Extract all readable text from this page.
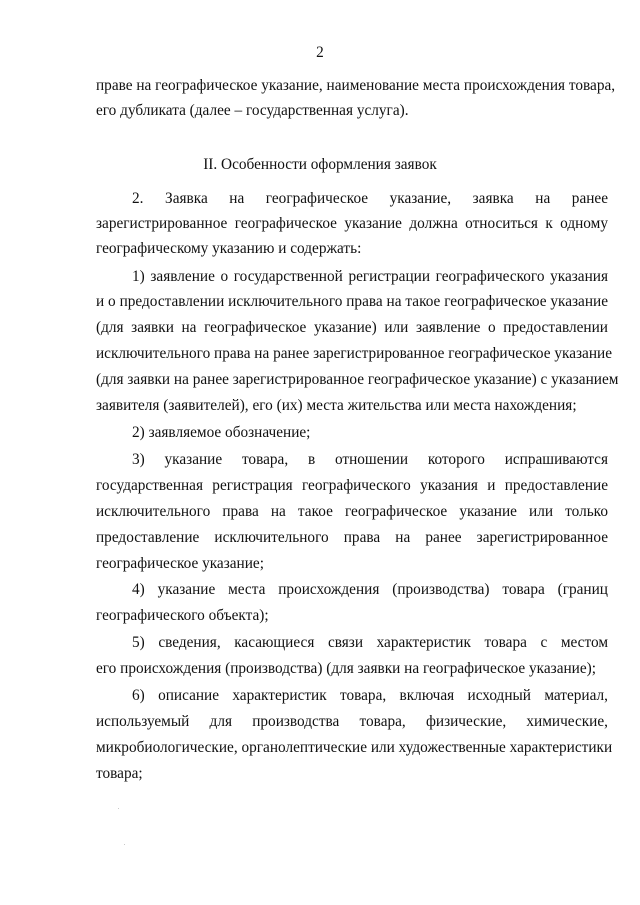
2
праве на географическое указание, наименование места происхождения товара,
его дубликата (далее – государственная услуга).
II. Особенности оформления заявок
2. Заявка на географическое указание, заявка на ранее
зарегистрированное географическое указание должна относиться к одному
географическому указанию и содержать:
1) заявление о государственной регистрации географического указания
и о предоставлении исключительного права на такое географическое указание
(для заявки на географическое указание) или заявление о предоставлении
исключительного права на ранее зарегистрированное географическое указание
(для заявки на ранее зарегистрированное географическое указание) с указанием
заявителя (заявителей), его (их) места жительства или места нахождения;
2) заявляемое обозначение;
3) указание товара, в отношении которого испрашиваются
государственная регистрация географического указания и предоставление
исключительного права на такое географическое указание или только
предоставление исключительного права на ранее зарегистрированное
географическое указание;
4) указание места происхождения (производства) товара (границ
географического объекта);
5) сведения, касающиеся связи характеристик товара с местом
его происхождения (производства) (для заявки на географическое указание);
6) описание характеристик товара, включая исходный материал,
используемый для производства товара, физические, химические,
микробиологические, органолептические или художественные характеристики
товара;
